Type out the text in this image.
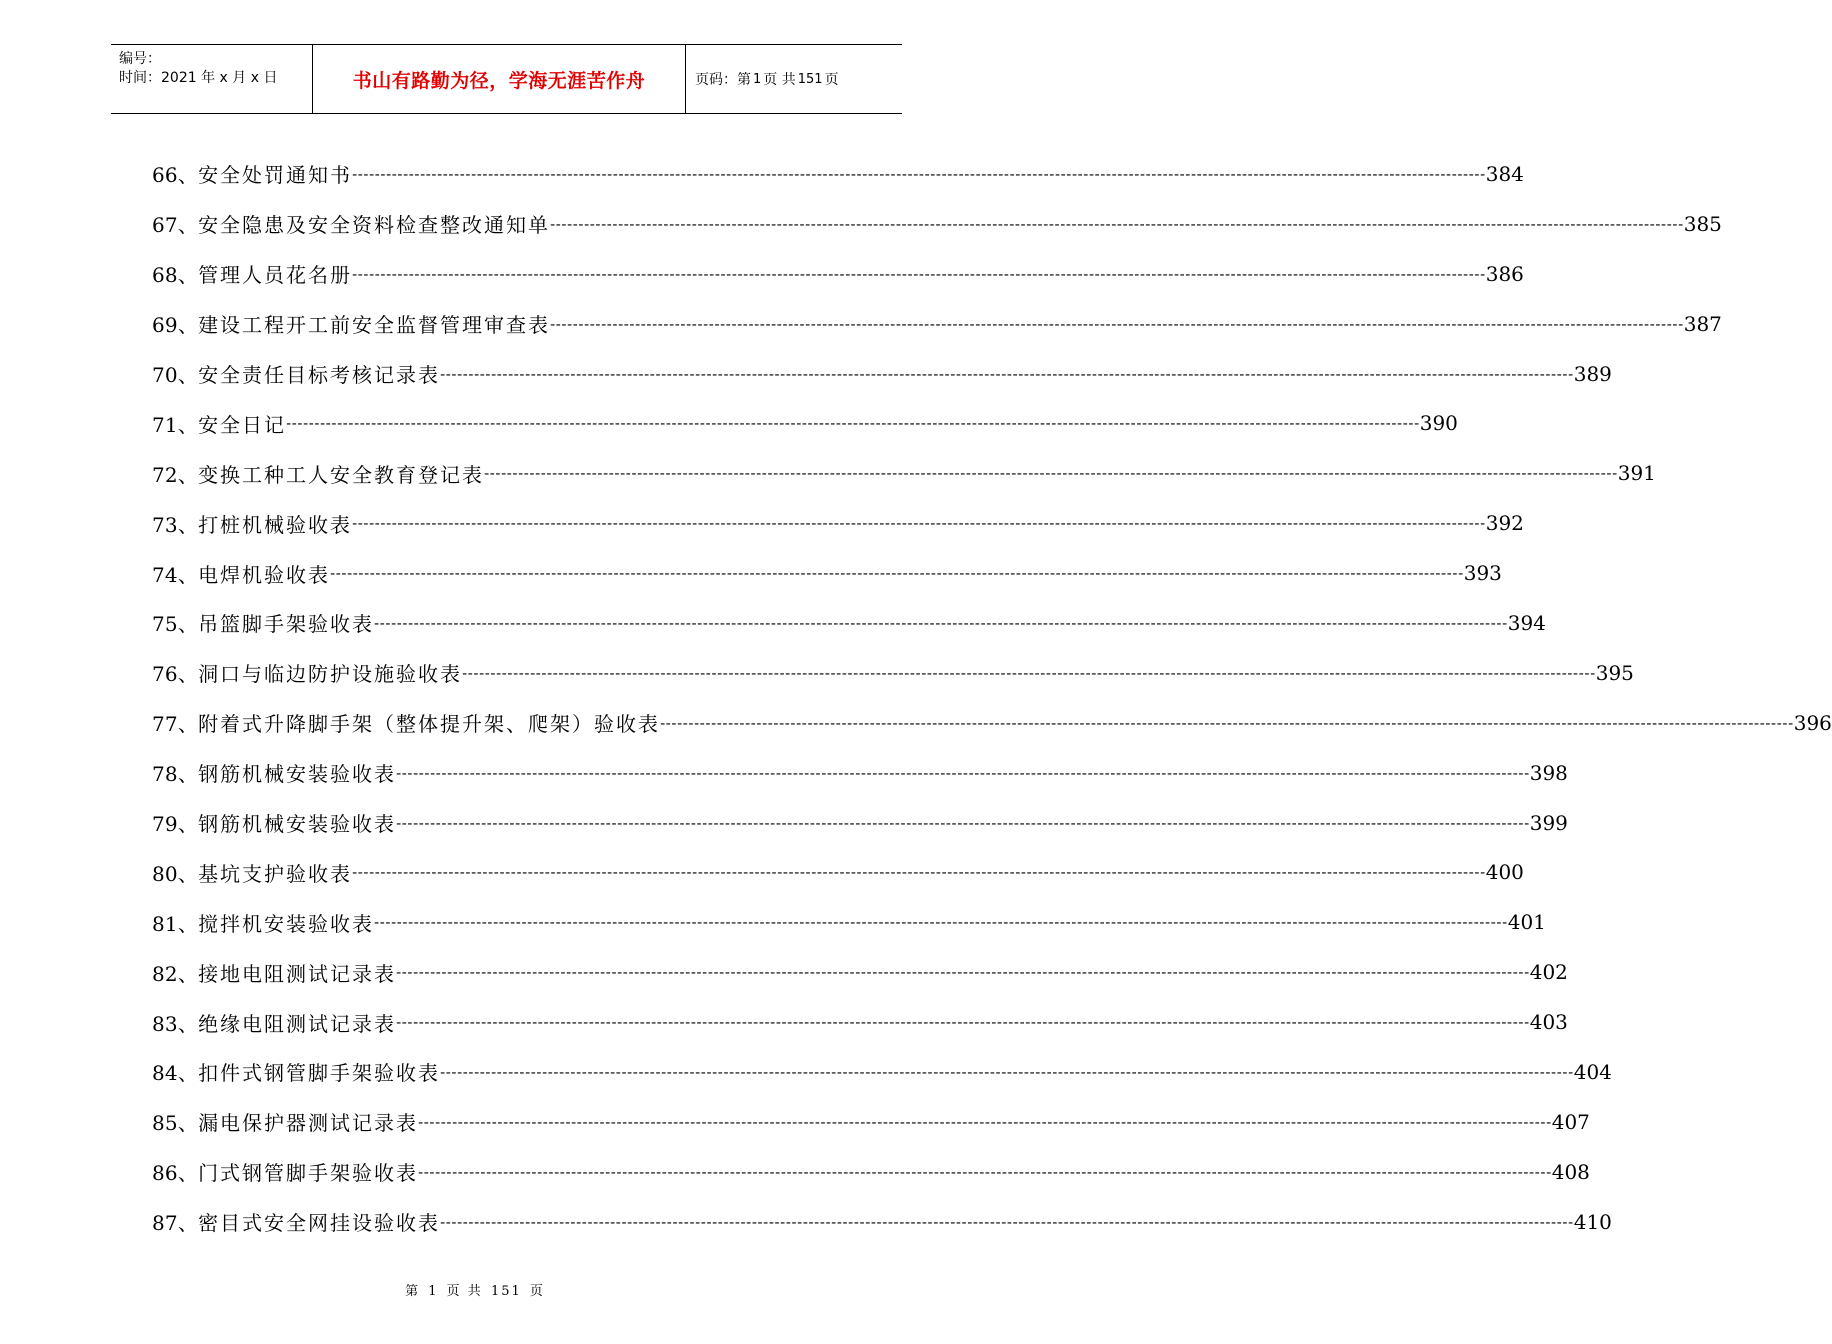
编号：
时间：2021 年 x 月 x 日	书山有路勤为径，学海无涯苦作舟	页码：第 1 页 共 151 页
66、 安全处罚通知书 -------------------------------------------------------------------------------------------------------------------------------------------------------------------------------------------------------- 384
67、 安全隐患及安全资料检查整改通知单 -------------------------------------------------------------------------------------------------------------------------------------------------------------------------------------------------------- 385
68、 管理人员花名册 -------------------------------------------------------------------------------------------------------------------------------------------------------------------------------------------------------- 386
69、 建设工程开工前安全监督管理审查表 -------------------------------------------------------------------------------------------------------------------------------------------------------------------------------------------------------- 387
70、 安全责任目标考核记录表 -------------------------------------------------------------------------------------------------------------------------------------------------------------------------------------------------------- 389
71、 安全日记 -------------------------------------------------------------------------------------------------------------------------------------------------------------------------------------------------------- 390
72、 变换工种工人安全教育登记表 -------------------------------------------------------------------------------------------------------------------------------------------------------------------------------------------------------- 391
73、 打桩机械验收表 -------------------------------------------------------------------------------------------------------------------------------------------------------------------------------------------------------- 392
74、 电焊机验收表 -------------------------------------------------------------------------------------------------------------------------------------------------------------------------------------------------------- 393
75、 吊篮脚手架验收表 -------------------------------------------------------------------------------------------------------------------------------------------------------------------------------------------------------- 394
76、 洞口与临边防护设施验收表 -------------------------------------------------------------------------------------------------------------------------------------------------------------------------------------------------------- 395
77、 附着式升降脚手架（整体提升架、爬架）验收表 -------------------------------------------------------------------------------------------------------------------------------------------------------------------------------------------------------- 396
78、 钢筋机械安装验收表 -------------------------------------------------------------------------------------------------------------------------------------------------------------------------------------------------------- 398
79、 钢筋机械安装验收表 -------------------------------------------------------------------------------------------------------------------------------------------------------------------------------------------------------- 399
80、 基坑支护验收表 -------------------------------------------------------------------------------------------------------------------------------------------------------------------------------------------------------- 400
81、 搅拌机安装验收表 -------------------------------------------------------------------------------------------------------------------------------------------------------------------------------------------------------- 401
82、 接地电阻测试记录表 -------------------------------------------------------------------------------------------------------------------------------------------------------------------------------------------------------- 402
83、 绝缘电阻测试记录表 -------------------------------------------------------------------------------------------------------------------------------------------------------------------------------------------------------- 403
84、 扣件式钢管脚手架验收表 -------------------------------------------------------------------------------------------------------------------------------------------------------------------------------------------------------- 404
85、 漏电保护器测试记录表 -------------------------------------------------------------------------------------------------------------------------------------------------------------------------------------------------------- 407
86、 门式钢管脚手架验收表 -------------------------------------------------------------------------------------------------------------------------------------------------------------------------------------------------------- 408
87、 密目式安全网挂设验收表 -------------------------------------------------------------------------------------------------------------------------------------------------------------------------------------------------------- 410
第 1 页 共 151 页
